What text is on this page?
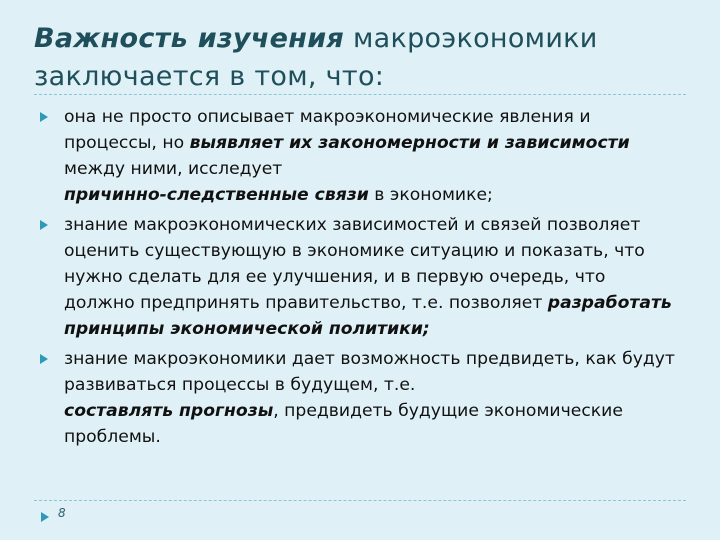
Важность изучения макроэкономики заключается в том, что:
она не просто описывает макроэкономические явления и процессы, но выявляет их закономерности и зависимости между ними, исследует
причинно-следственные связи в экономике;
знание макроэкономических зависимостей и связей позволяет оценить существующую в экономике ситуацию и показать, что нужно сделать для ее улучшения, и в первую очередь, что должно предпринять правительство, т.е. позволяет разработать принципы экономической политики;
знание макроэкономики дает возможность предвидеть, как будут развиваться процессы в будущем, т.е.
составлять прогнозы, предвидеть будущие экономические проблемы.
8
